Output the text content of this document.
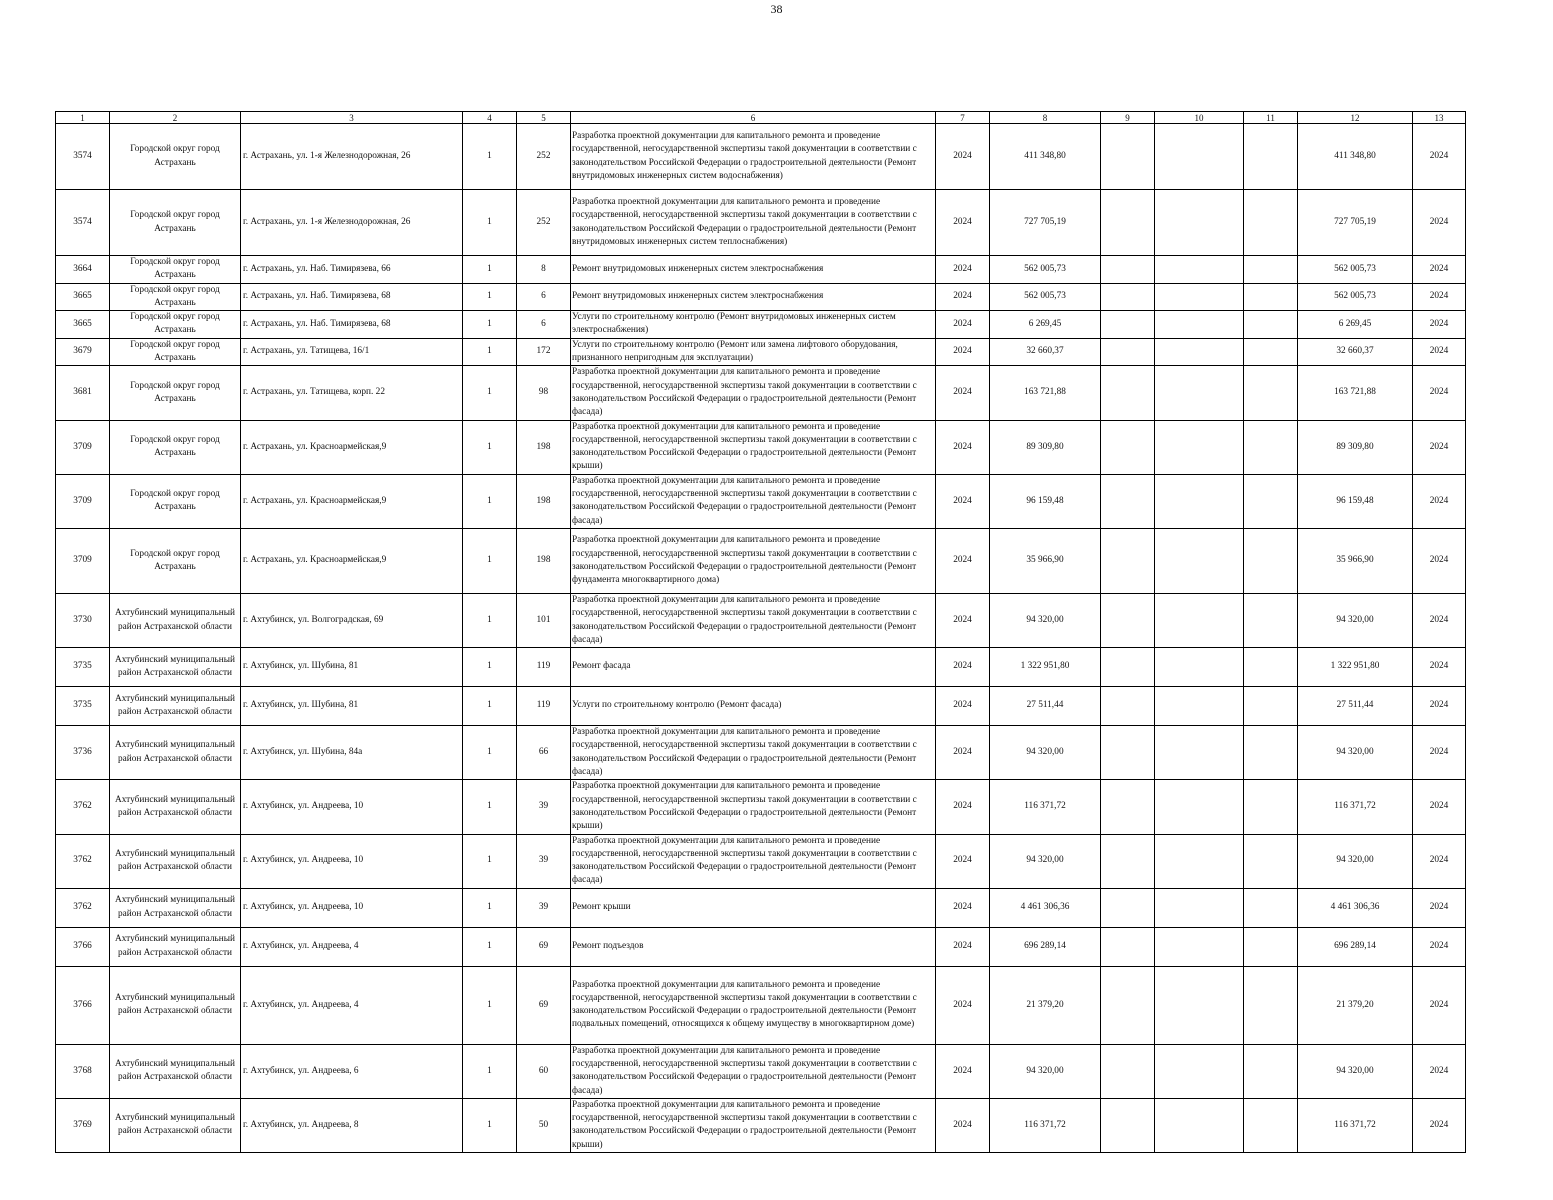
38
1	2	3	4	5	6	7	8	9	10	11	12	13
3574	Городской округ город Астрахань	г. Астрахань, ул. 1-я Железнодорожная, 26	1	252	Разработка проектной документации для капитального ремонта и проведение государственной, негосударственной экспертизы такой документации в соответствии с законодательством Российской Федерации о градостроительной деятельности (Ремонт внутридомовых инженерных систем водоснабжения)	2024	411 348,80				411 348,80	2024
3574	Городской округ город Астрахань	г. Астрахань, ул. 1-я Железнодорожная, 26	1	252	Разработка проектной документации для капитального ремонта и проведение государственной, негосударственной экспертизы такой документации в соответствии с законодательством Российской Федерации о градостроительной деятельности (Ремонт внутридомовых инженерных систем теплоснабжения)	2024	727 705,19				727 705,19	2024
3664	Городской округ город Астрахань	г. Астрахань, ул. Наб. Тимирязева, 66	1	8	Ремонт внутридомовых инженерных систем электроснабжения	2024	562 005,73				562 005,73	2024
3665	Городской округ город Астрахань	г. Астрахань, ул. Наб. Тимирязева, 68	1	6	Ремонт внутридомовых инженерных систем электроснабжения	2024	562 005,73				562 005,73	2024
3665	Городской округ город Астрахань	г. Астрахань, ул. Наб. Тимирязева, 68	1	6	Услуги по строительному контролю (Ремонт внутридомовых инженерных систем электроснабжения)	2024	6 269,45				6 269,45	2024
3679	Городской округ город Астрахань	г. Астрахань, ул. Татищева, 16/1	1	172	Услуги по строительному контролю (Ремонт или замена лифтового оборудования, признанного непригодным для эксплуатации)	2024	32 660,37				32 660,37	2024
3681	Городской округ город Астрахань	г. Астрахань, ул. Татищева, корп. 22	1	98	Разработка проектной документации для капитального ремонта и проведение государственной, негосударственной экспертизы такой документации в соответствии с законодательством Российской Федерации о градостроительной деятельности (Ремонт фасада)	2024	163 721,88				163 721,88	2024
3709	Городской округ город Астрахань	г. Астрахань, ул. Красноармейская,9	1	198	Разработка проектной документации для капитального ремонта и проведение государственной, негосударственной экспертизы такой документации в соответствии с законодательством Российской Федерации о градостроительной деятельности (Ремонт крыши)	2024	89 309,80				89 309,80	2024
3709	Городской округ город Астрахань	г. Астрахань, ул. Красноармейская,9	1	198	Разработка проектной документации для капитального ремонта и проведение государственной, негосударственной экспертизы такой документации в соответствии с законодательством Российской Федерации о градостроительной деятельности (Ремонт фасада)	2024	96 159,48				96 159,48	2024
3709	Городской округ город Астрахань	г. Астрахань, ул. Красноармейская,9	1	198	Разработка проектной документации для капитального ремонта и проведение государственной, негосударственной экспертизы такой документации в соответствии с законодательством Российской Федерации о градостроительной деятельности (Ремонт фундамента многоквартирного дома)	2024	35 966,90				35 966,90	2024
3730	Ахтубинский муниципальный район Астраханской области	г. Ахтубинск, ул. Волгоградская, 69	1	101	Разработка проектной документации для капитального ремонта и проведение государственной, негосударственной экспертизы такой документации в соответствии с законодательством Российской Федерации о градостроительной деятельности (Ремонт фасада)	2024	94 320,00				94 320,00	2024
3735	Ахтубинский муниципальный район Астраханской области	г. Ахтубинск, ул. Шубина, 81	1	119	Ремонт фасада	2024	1 322 951,80				1 322 951,80	2024
3735	Ахтубинский муниципальный район Астраханской области	г. Ахтубинск, ул. Шубина, 81	1	119	Услуги по строительному контролю (Ремонт фасада)	2024	27 511,44				27 511,44	2024
3736	Ахтубинский муниципальный район Астраханской области	г. Ахтубинск, ул. Шубина, 84а	1	66	Разработка проектной документации для капитального ремонта и проведение государственной, негосударственной экспертизы такой документации в соответствии с законодательством Российской Федерации о градостроительной деятельности (Ремонт фасада)	2024	94 320,00				94 320,00	2024
3762	Ахтубинский муниципальный район Астраханской области	г. Ахтубинск, ул. Андреева, 10	1	39	Разработка проектной документации для капитального ремонта и проведение государственной, негосударственной экспертизы такой документации в соответствии с законодательством Российской Федерации о градостроительной деятельности (Ремонт крыши)	2024	116 371,72				116 371,72	2024
3762	Ахтубинский муниципальный район Астраханской области	г. Ахтубинск, ул. Андреева, 10	1	39	Разработка проектной документации для капитального ремонта и проведение государственной, негосударственной экспертизы такой документации в соответствии с законодательством Российской Федерации о градостроительной деятельности (Ремонт фасада)	2024	94 320,00				94 320,00	2024
3762	Ахтубинский муниципальный район Астраханской области	г. Ахтубинск, ул. Андреева, 10	1	39	Ремонт крыши	2024	4 461 306,36				4 461 306,36	2024
3766	Ахтубинский муниципальный район Астраханской области	г. Ахтубинск, ул. Андреева, 4	1	69	Ремонт подъездов	2024	696 289,14				696 289,14	2024
3766	Ахтубинский муниципальный район Астраханской области	г. Ахтубинск, ул. Андреева, 4	1	69	Разработка проектной документации для капитального ремонта и проведение государственной, негосударственной экспертизы такой документации в соответствии с законодательством Российской Федерации о градостроительной деятельности (Ремонт подвальных помещений, относящихся к общему имуществу в многоквартирном доме)	2024	21 379,20				21 379,20	2024
3768	Ахтубинский муниципальный район Астраханской области	г. Ахтубинск, ул. Андреева, 6	1	60	Разработка проектной документации для капитального ремонта и проведение государственной, негосударственной экспертизы такой документации в соответствии с законодательством Российской Федерации о градостроительной деятельности (Ремонт фасада)	2024	94 320,00				94 320,00	2024
3769	Ахтубинский муниципальный район Астраханской области	г. Ахтубинск, ул. Андреева, 8	1	50	Разработка проектной документации для капитального ремонта и проведение государственной, негосударственной экспертизы такой документации в соответствии с законодательством Российской Федерации о градостроительной деятельности (Ремонт крыши)	2024	116 371,72				116 371,72	2024
